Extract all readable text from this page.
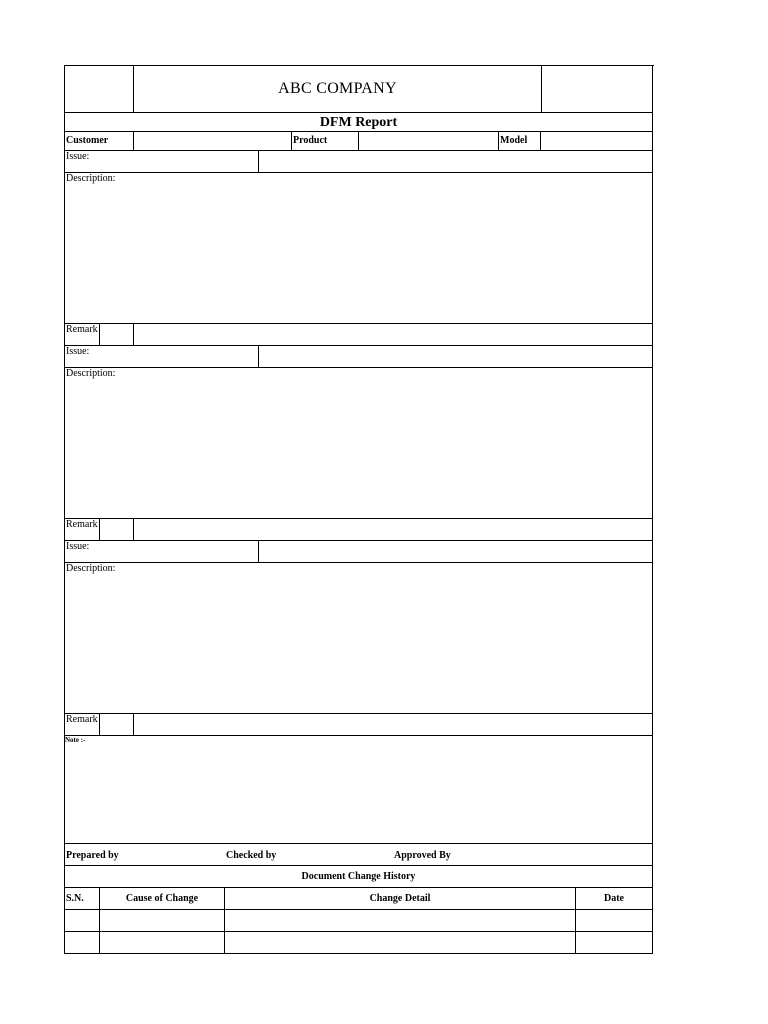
ABC COMPANY
DFM Report
Customer	Product	Model
Issue:
Description:
Remark
Issue:
Description:
Remark
Issue:
Description:
Remark
Note :-
Prepared by	Checked by	Approved By
Document Change History
S.N.	Cause of Change	Change Detail	Date
